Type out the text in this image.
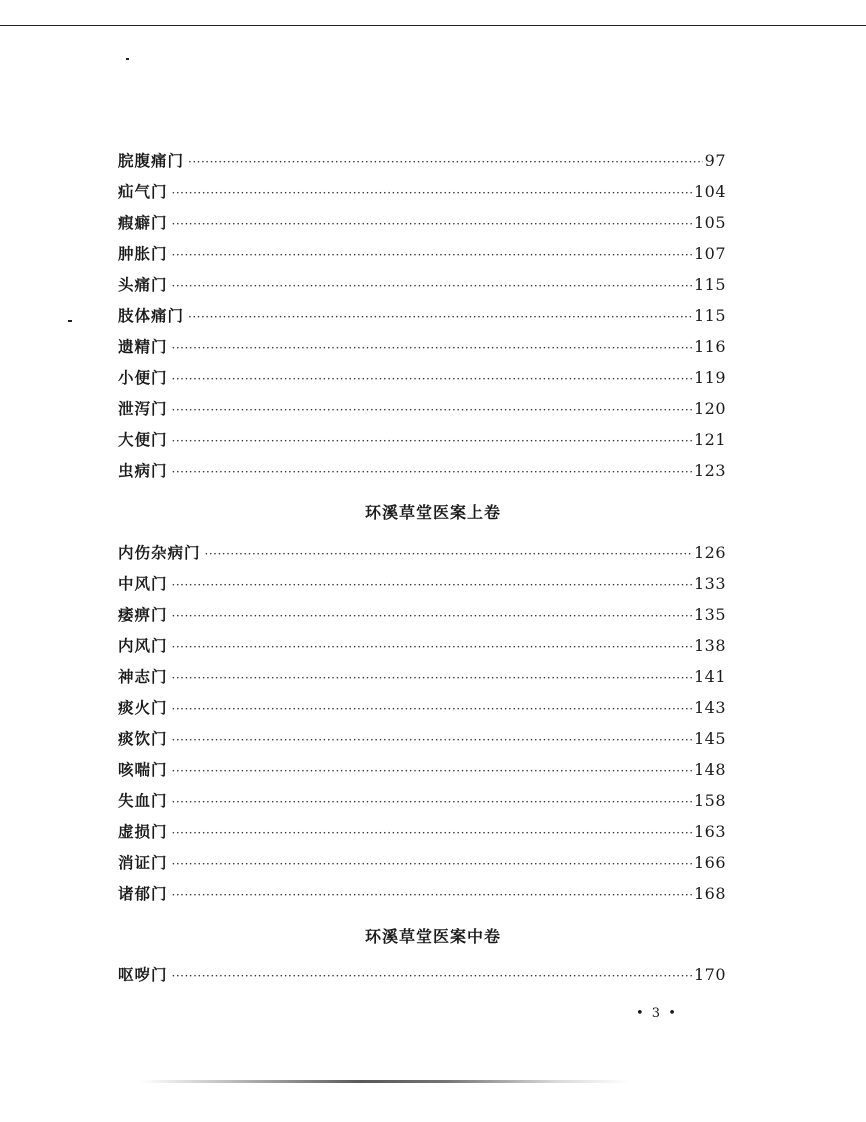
脘腹痛门 ·····	97
疝气门 ·····	104
瘕癖门 ·····	105
肿胀门 ·····	107
头痛门 ·····	115
肢体痛门 ·····	115
遗精门 ·····	116
小便门 ·····	119
泄泻门 ·····	120
大便门 ·····	121
虫病门 ·····	123
环溪草堂医案上卷
内伤杂病门 ·····	126
中风门 ·····	133
痿痹门 ·····	135
内风门 ·····	138
神志门 ·····	141
痰火门 ·····	143
痰饮门 ·····	145
咳喘门 ·····	148
失血门 ·····	158
虚损门 ·····	163
消证门 ·····	166
诸郁门 ·····	168
环溪草堂医案中卷
呕哕门 ·····	170
• 3 •
